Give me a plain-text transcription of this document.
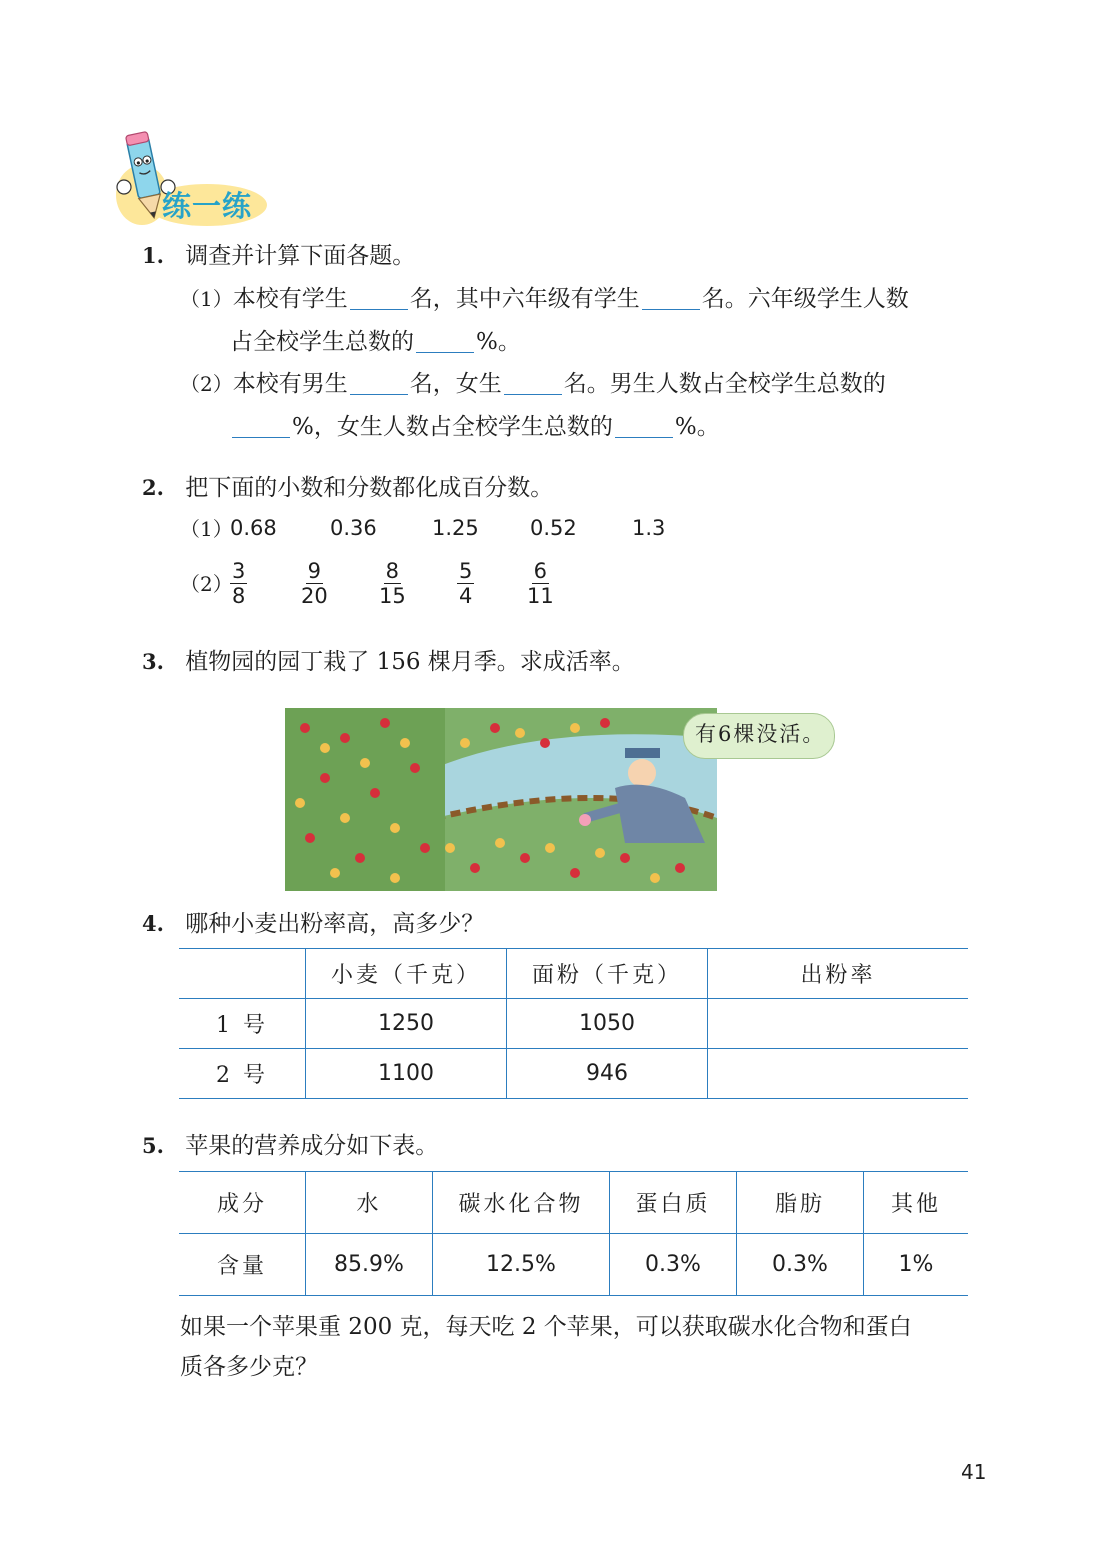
练一练
1. 调查并计算下面各题。
（1）本校有学生	名，其中六年级有学生	名。六年级学生人数
占全校学生总数的	%。
（2）本校有男生	名，女生	名。男生人数占全校学生总数的
%，女生人数占全校学生总数的	%。
2. 把下面的小数和分数都化成百分数。
（1）
0.68	0.36	1.25 0.52	1.3
（2）
$\frac{3}{8}$	$\frac{9}{20} \frac{8}{15} \frac{5}{4}$	$\frac{6}{11}$
3. 植物园的园丁栽了 156 棵月季。求成活率。
有6棵没活。
4. 哪种小麦出粉率高，高多少？
	小麦（千克）	面粉（千克）	出粉率
1 号	1250	1050	
2 号	1100	946	
5. 苹果的营养成分如下表。
成分	水	碳水化合物	蛋白质	脂肪	其他
含量	85.9%	12.5%	0.3%	0.3%	1%
如果一个苹果重 200 克，每天吃 2 个苹果，可以获取碳水化合物和蛋白
质各多少克？
41
